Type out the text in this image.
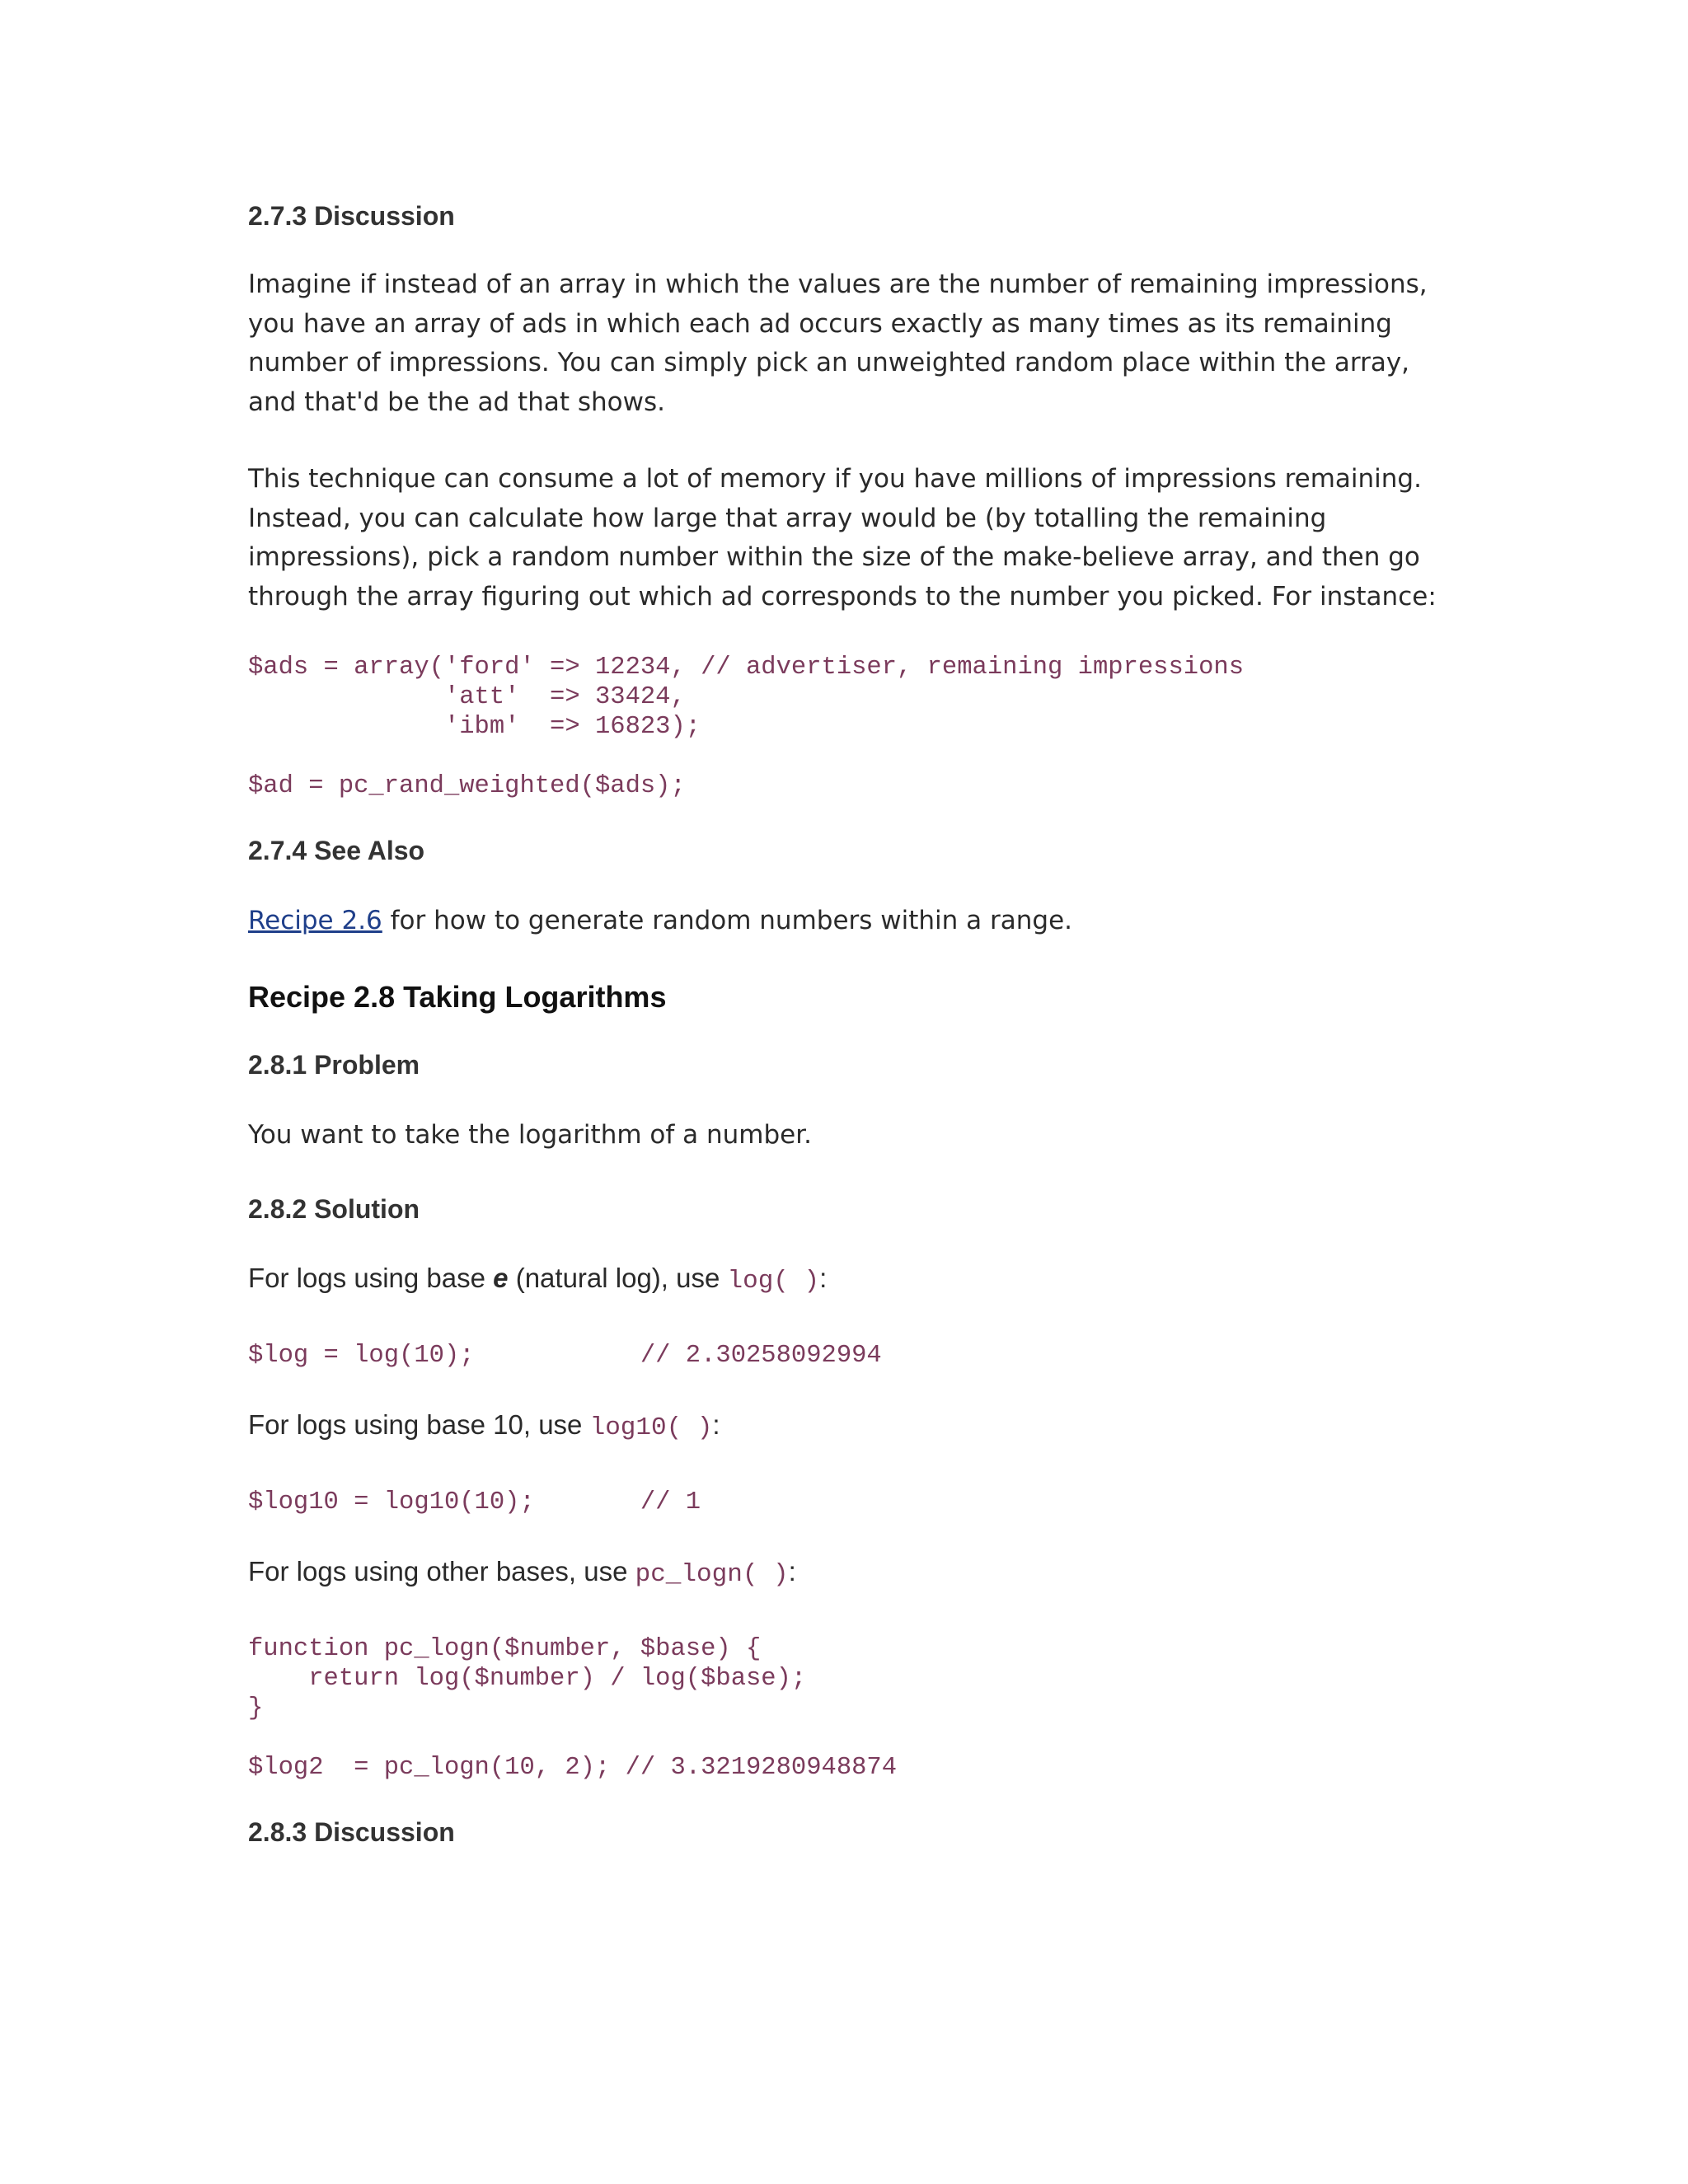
2.7.3 Discussion

Imagine if instead of an array in which the values are the number of remaining impressions, you have an array of ads in which each ad occurs exactly as many times as its remaining number of impressions. You can simply pick an unweighted random place within the array, and that'd be the ad that shows.

This technique can consume a lot of memory if you have millions of impressions remaining. Instead, you can calculate how large that array would be (by totalling the remaining impressions), pick a random number within the size of the make-believe array, and then go through the array figuring out which ad corresponds to the number you picked. For instance:

$ads = array('ford' => 12234, // advertiser, remaining impressions
'att'  => 33424,
'ibm'  => 16823);
$ad = pc_rand_weighted($ads);
2.7.4 See Also

Recipe 2.6 for how to generate random numbers within a range.

Recipe 2.8 Taking Logarithms
2.8.1 Problem

You want to take the logarithm of a number.

2.8.2 Solution

For logs using base e (natural log), use log( ):

$log = log(10);           // 2.30258092994

For logs using base 10, use log10( ):

$log10 = log10(10);       // 1

For logs using other bases, use pc_logn( ):

function pc_logn($number, $base) {
return log($number) / log($base);
}
$log2  = pc_logn(10, 2); // 3.3219280948874
2.8.3 Discussion
